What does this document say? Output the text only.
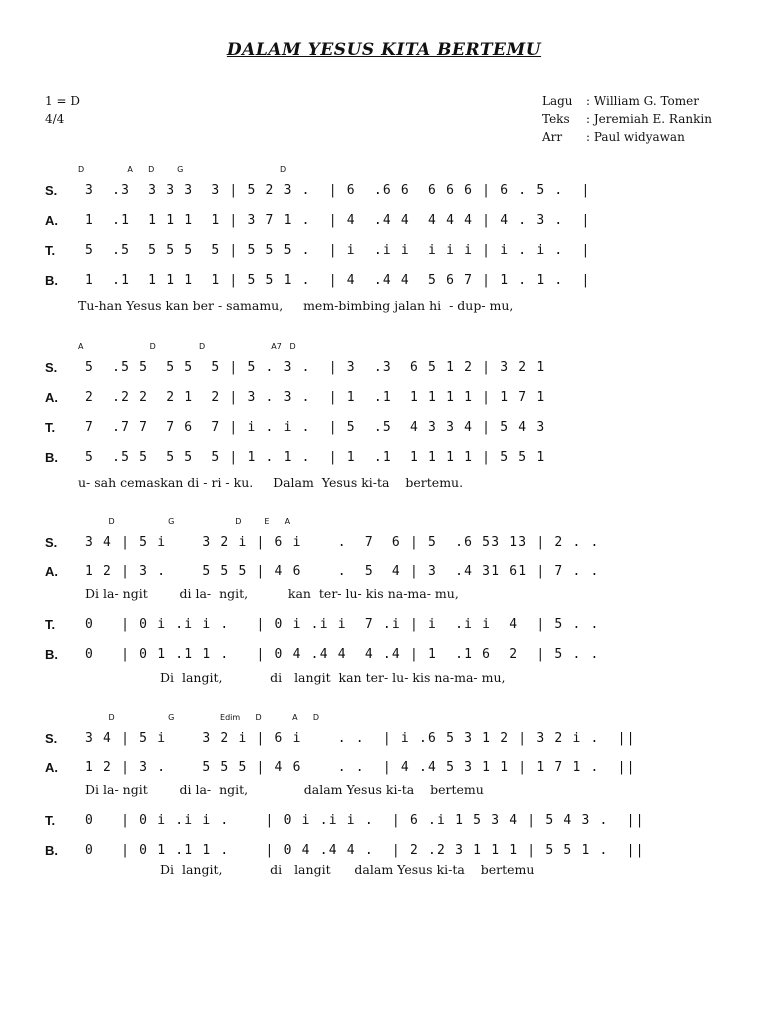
DALAM YESUS KITA BERTEMU
1 = D
4/4
Lagu : William G. Tomer
Teks : Jeremiah E. Rankin
Arr : Paul widyawan
D                 A      D         G                                      D
S. 3  .3  3 3 3  3 | 5 2 3 .  | 6  .6 6  6 6 6 | 6 . 5 .  |
A. 1  .1  1 1 1  1 | 3 7 1 .  | 4  .4 4  4 4 4 | 4 . 3 .  |
T. 5  .5  5 5 5  5 | 5 5 5 .  | i  .i i  i i i | i . i .  |
B. 1  .1  1 1 1  1 | 5 5 1 .  | 4  .4 4  5 6 7 | 1 . 1 .  |
Tu-han Yesus kan ber - samamu,     mem-bimbing jalan hi  - dup- mu,
A                          D                 D                          A7   D
S. 5  .5 5  5 5  5 | 5 . 3 .  | 3  .3  6 5 1 2 | 3 2 1
A. 2  .2 2  2 1  2 | 3 . 3 .  | 1  .1  1 1 1 1 | 1 7 1
T. 7  .7 7  7 6  7 | i . i .  | 5  .5  4 3 3 4 | 5 4 3
B. 5  .5 5  5 5  5 | 1 . 1 .  | 1  .1  1 1 1 1 | 5 5 1
u- sah cemaskan di - ri - ku.     Dalam  Yesus ki-ta    bertemu.
D                     G                        D         E      A
S. 3 4 | 5 i    3 2 i | 6 i    .  7  6 | 5  .6 53 13 | 2 . .
A. 1 2 | 3 .    5 5 5 | 4 6    .  5  4 | 3  .4 31 61 | 7 . .
T. 0   | 0 i .i i .   | 0 i .i i  7 .i | i  .i i  4  | 5 . .
B. 0   | 0 1 .1 1 .   | 0 4 .4 4  4 .4 | 1  .1 6  2  | 5 . .
Di la- ngit        di la-  ngit,          kan  ter- lu- kis na-ma- mu,
Di  langit,            di   langit  kan ter- lu- kis na-ma- mu,
D                     G                  Edim      D            A      D
S. 3 4 | 5 i    3 2 i | 6 i    . .  | i .6 5 3 1 2 | 3 2 i .  ||
A. 1 2 | 3 .    5 5 5 | 4 6    . .  | 4 .4 5 3 1 1 | 1 7 1 .  ||
T. 0   | 0 i .i i .    | 0 i .i i .  | 6 .i 1 5 3 4 | 5 4 3 .  ||
B. 0   | 0 1 .1 1 .    | 0 4 .4 4 .  | 2 .2 3 1 1 1 | 5 5 1 .  ||
Di la- ngit        di la-  ngit,              dalam Yesus ki-ta    bertemu
Di  langit,            di   langit      dalam Yesus ki-ta    bertemu
